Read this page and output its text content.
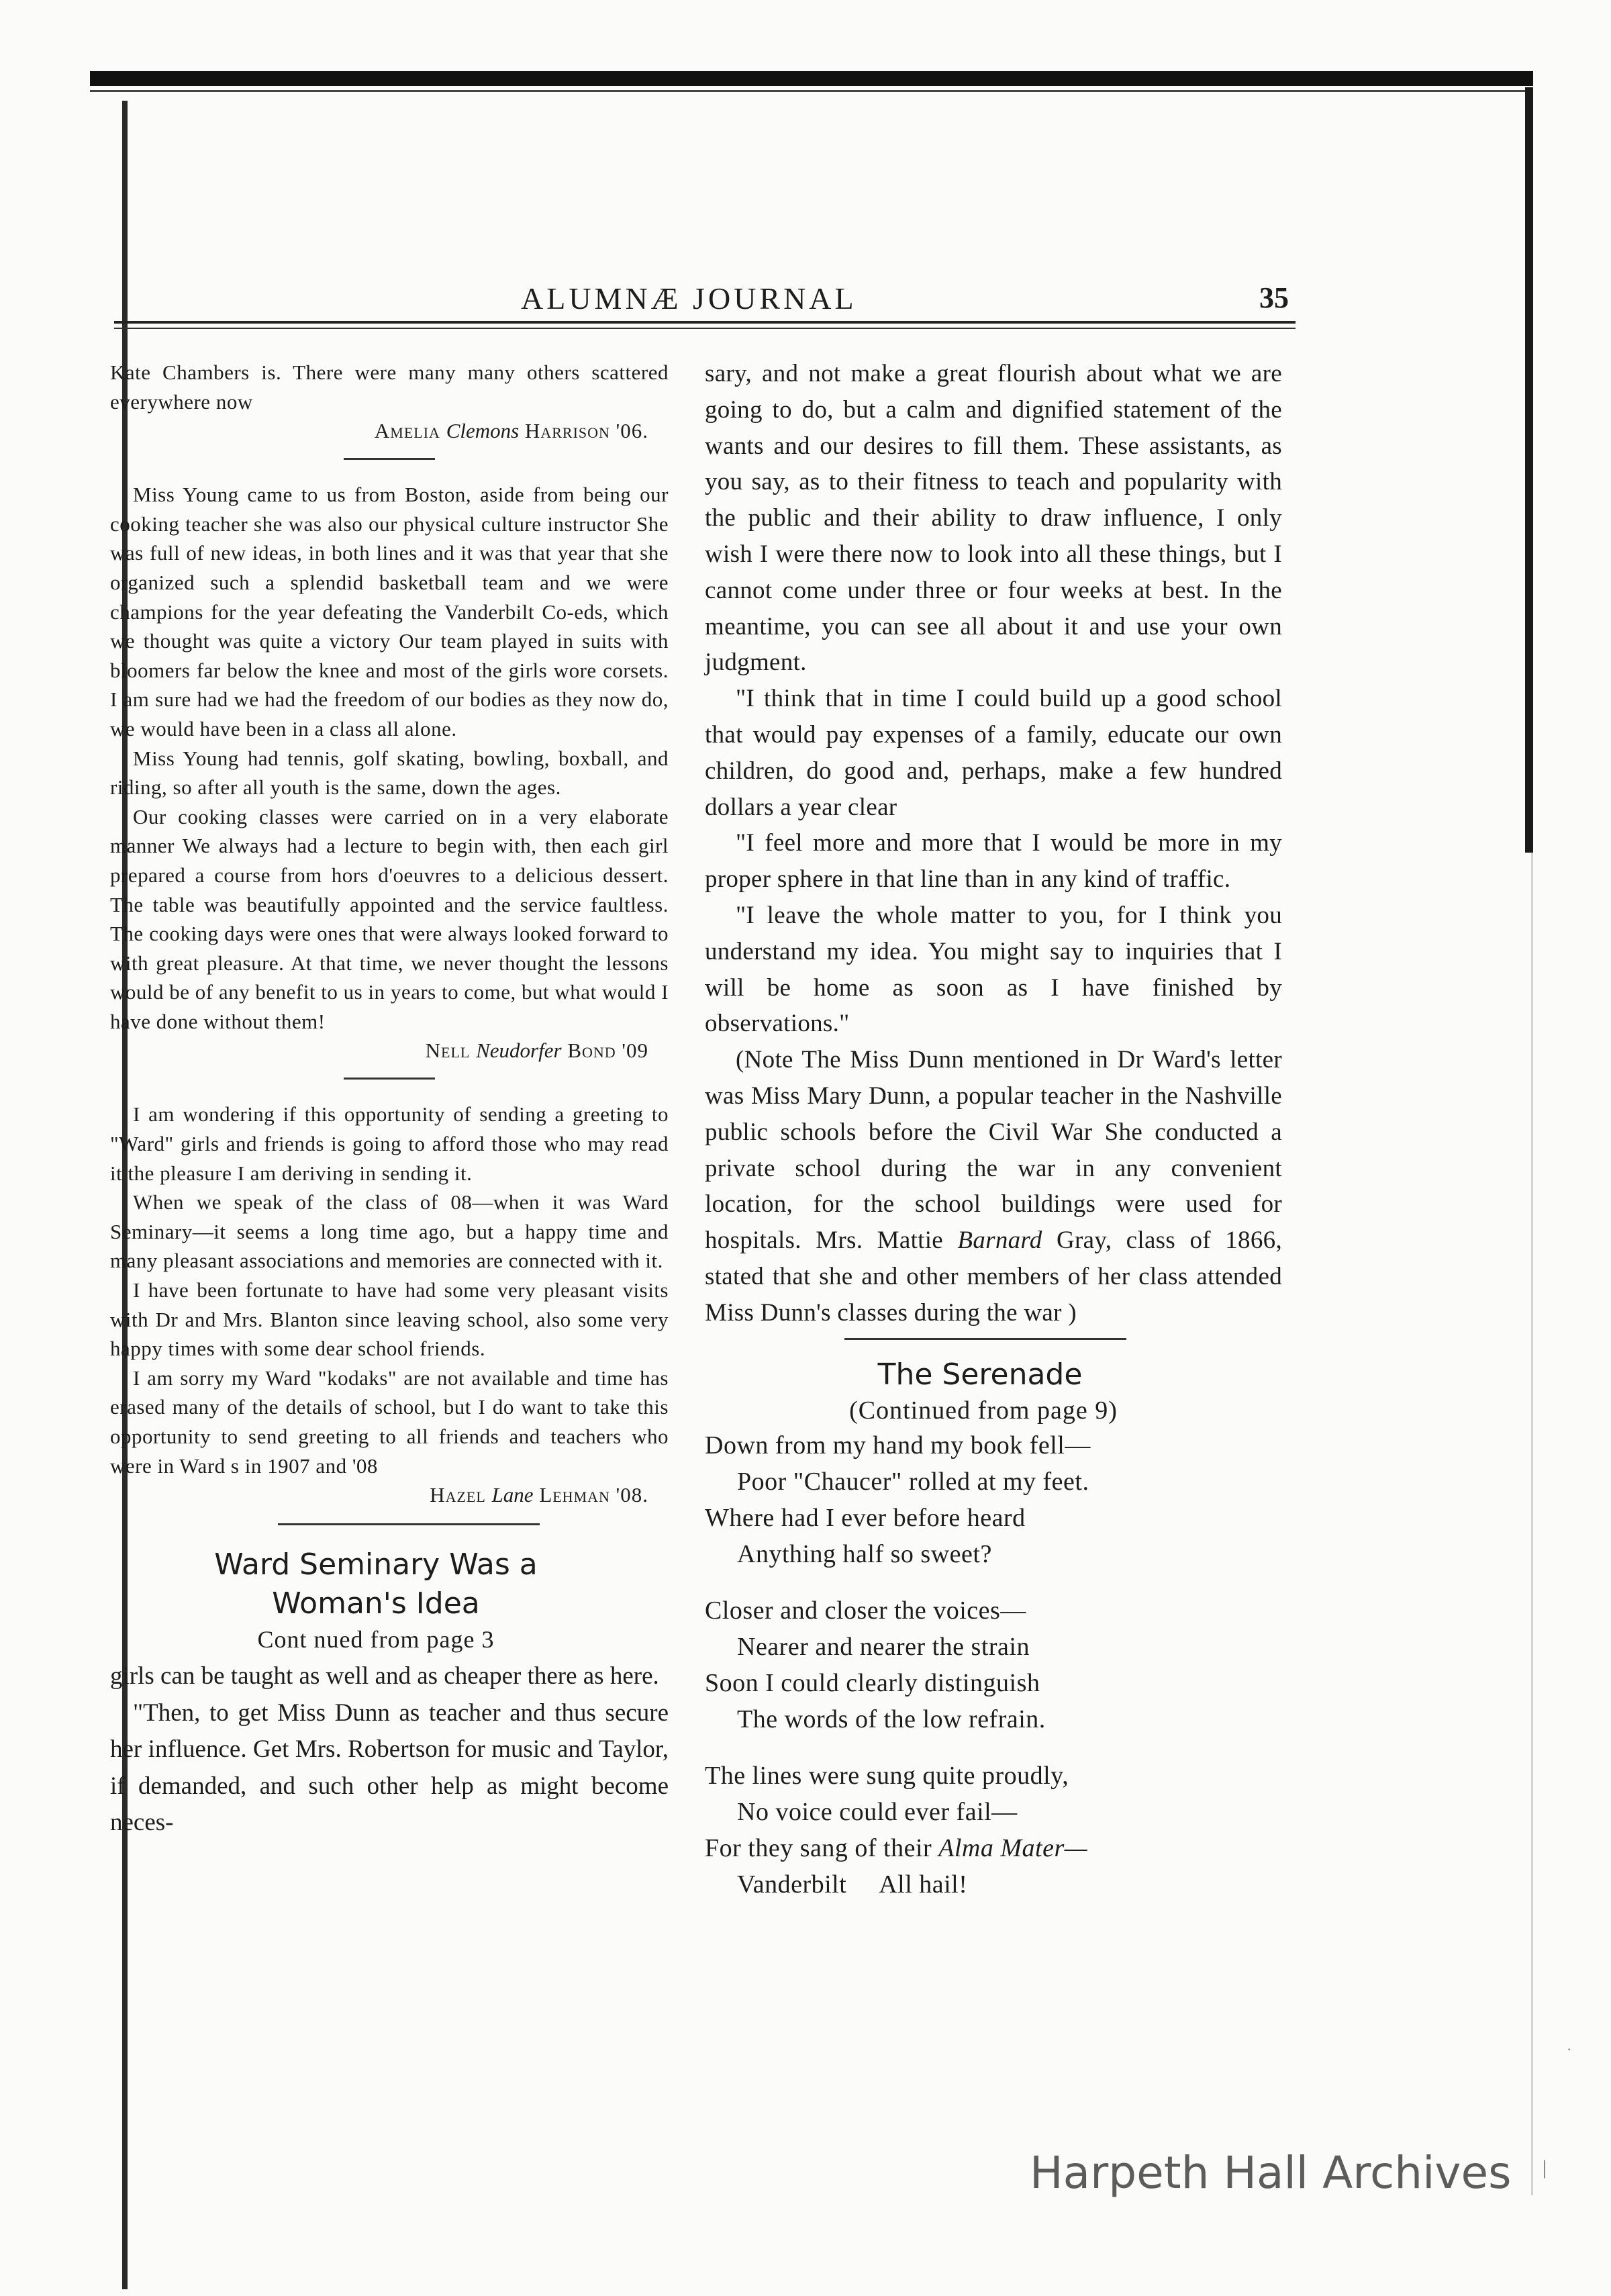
·
|
ALUMNÆ JOURNAL	35

Kate Chambers is. There were many many others scattered everywhere now

Amelia Clemons Harrison '06.

Miss Young came to us from Boston, aside from being our cooking teacher she was also our physical culture instructor She was full of new ideas, in both lines and it was that year that she organized such a splendid basketball team and we were champions for the year defeating the Vanderbilt Co-eds, which we thought was quite a victory Our team played in suits with bloomers far below the knee and most of the girls wore corsets. I am sure had we had the freedom of our bodies as they now do, we would have been in a class all alone.

Miss Young had tennis, golf skating, bowling, boxball, and riding, so after all youth is the same, down the ages.

Our cooking classes were carried on in a very elaborate manner We always had a lecture to begin with, then each girl prepared a course from hors d'oeuvres to a delicious dessert. The table was beautifully appointed and the service faultless. The cooking days were ones that were always looked forward to with great pleasure. At that time, we never thought the lessons would be of any benefit to us in years to come, but what would I have done without them!

Nell Neudorfer Bond '09

I am wondering if this opportunity of sending a greeting to "Ward" girls and friends is going to afford those who may read it the pleasure I am deriving in sending it.

When we speak of the class of 08—when it was Ward Seminary—it seems a long time ago, but a happy time and many pleasant associations and memories are connected with it.

I have been fortunate to have had some very pleasant visits with Dr and Mrs. Blanton since leaving school, also some very happy times with some dear school friends.

I am sorry my Ward "kodaks" are not available and time has erased many of the details of school, but I do want to take this opportunity to send greeting to all friends and teachers who were in Ward s in 1907 and '08

Hazel Lane Lehman '08.

Ward Seminary Was a

Woman's Idea

Cont nued from page 3

girls can be taught as well and as cheaper there as here.

"Then, to get Miss Dunn as teacher and thus secure her influence. Get Mrs. Robertson for music and Taylor, if demanded, and such other help as might become neces-

sary, and not make a great flourish about what we are going to do, but a calm and dignified statement of the wants and our desires to fill them. These assistants, as you say, as to their fitness to teach and popularity with the public and their ability to draw influence, I only wish I were there now to look into all these things, but I cannot come under three or four weeks at best. In the meantime, you can see all about it and use your own judgment.

"I think that in time I could build up a good school that would pay expenses of a family, educate our own children, do good and, perhaps, make a few hundred dollars a year clear

"I feel more and more that I would be more in my proper sphere in that line than in any kind of traffic.

"I leave the whole matter to you, for I think you understand my idea. You might say to inquiries that I will be home as soon as I have finished by observations."

(Note The Miss Dunn mentioned in Dr Ward's letter was Miss Mary Dunn, a popular teacher in the Nashville public schools before the Civil War She conducted a private school during the war in any convenient location, for the school buildings were used for hospitals. Mrs. Mattie Barnard Gray, class of 1866, stated that she and other members of her class attended Miss Dunn's classes during the war )

The Serenade

(Continued from page 9)

Down from my hand my book fell—

Poor "Chaucer" rolled at my feet.

Where had I ever before heard

Anything half so sweet?

Closer and closer the voices—

Nearer and nearer the strain

Soon I could clearly distinguish

The words of the low refrain.

The lines were sung quite proudly,

No voice could ever fail—

For they sang of their Alma Mater—

Vanderbilt     All hail!

Harpeth Hall Archives
